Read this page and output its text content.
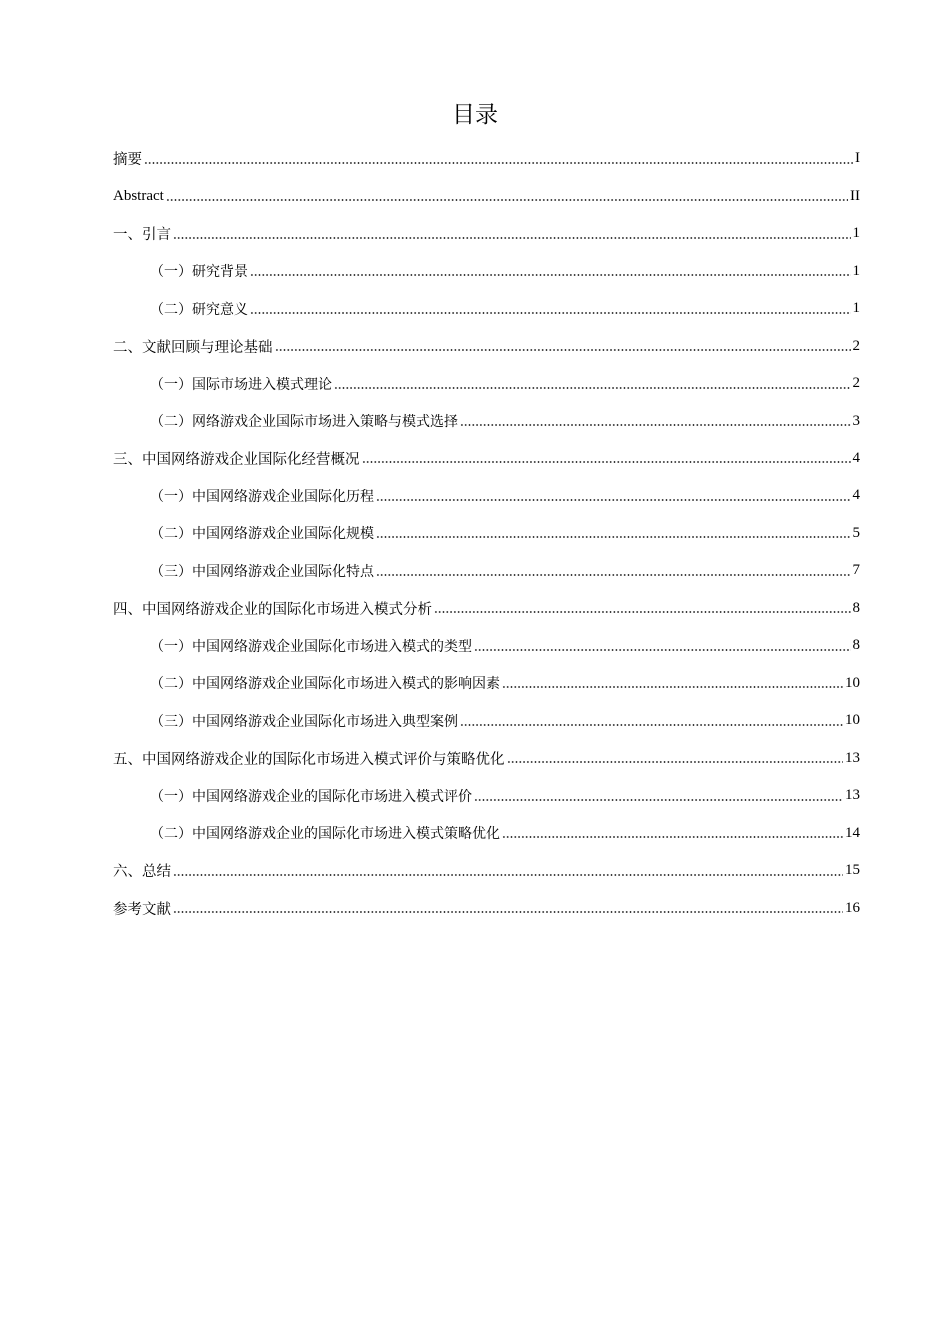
目录
摘要	I
Abstract	II
一、引言	1
（一）研究背景	1
（二）研究意义	1
二、文献回顾与理论基础	2
（一）国际市场进入模式理论	2
（二）网络游戏企业国际市场进入策略与模式选择	3
三、中国网络游戏企业国际化经营概况	4
（一）中国网络游戏企业国际化历程	4
（二）中国网络游戏企业国际化规模	5
（三）中国网络游戏企业国际化特点	7
四、中国网络游戏企业的国际化市场进入模式分析	8
（一）中国网络游戏企业国际化市场进入模式的类型	8
（二）中国网络游戏企业国际化市场进入模式的影响因素	10
（三）中国网络游戏企业国际化市场进入典型案例	10
五、中国网络游戏企业的国际化市场进入模式评价与策略优化	13
（一）中国网络游戏企业的国际化市场进入模式评价	13
（二）中国网络游戏企业的国际化市场进入模式策略优化	14
六、总结	15
参考文献	16
